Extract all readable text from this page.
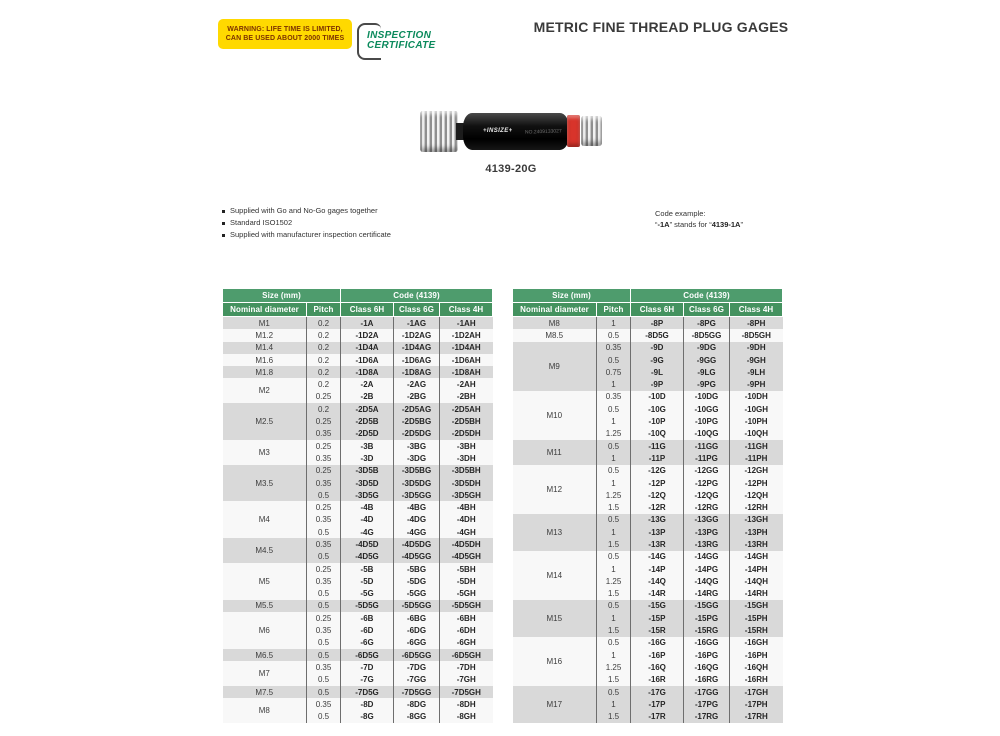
WARNING: LIFE TIME IS LIMITED,
CAN BE USED ABOUT 2000 TIMES INSPECTION
CERTIFICATE
METRIC FINE THREAD PLUG GAGES
+INSIZE+	NO.2409133027
4139-20G
Supplied with Go and No-Go gages together
Standard ISO1502
Supplied with manufacturer inspection certificate
Code example:
“-1A” stands for “4139-1A”
Size (mm)		Code (4139)		
Nominal diameter	Pitch	Class 6H	Class 6G	Class 4H
M1	0.2	-1A	-1AG	-1AH
M1.2	0.2	-1D2A	-1D2AG	-1D2AH
M1.4	0.2	-1D4A	-1D4AG	-1D4AH
M1.6	0.2	-1D6A	-1D6AG	-1D6AH
M1.8	0.2	-1D8A	-1D8AG	-1D8AH
M2	0.2	-2A	-2AG	-2AH
	0.25	-2B	-2BG	-2BH
M2.5	0.2	-2D5A	-2D5AG	-2D5AH
	0.25	-2D5B	-2D5BG	-2D5BH
	0.35	-2D5D	-2D5DG	-2D5DH
M3	0.25	-3B	-3BG	-3BH
	0.35	-3D	-3DG	-3DH
M3.5	0.25	-3D5B	-3D5BG	-3D5BH
	0.35	-3D5D	-3D5DG	-3D5DH
	0.5	-3D5G	-3D5GG	-3D5GH
M4	0.25	-4B	-4BG	-4BH
	0.35	-4D	-4DG	-4DH
	0.5	-4G	-4GG	-4GH
M4.5	0.35	-4D5D	-4D5DG	-4D5DH
	0.5	-4D5G	-4D5GG	-4D5GH
M5	0.25	-5B	-5BG	-5BH
	0.35	-5D	-5DG	-5DH
	0.5	-5G	-5GG	-5GH
M5.5	0.5	-5D5G	-5D5GG	-5D5GH
M6	0.25	-6B	-6BG	-6BH
	0.35	-6D	-6DG	-6DH
	0.5	-6G	-6GG	-6GH
M6.5	0.5	-6D5G	-6D5GG	-6D5GH
M7	0.35	-7D	-7DG	-7DH
	0.5	-7G	-7GG	-7GH
M7.5	0.5	-7D5G	-7D5GG	-7D5GH
M8	0.35	-8D	-8DG	-8DH
	0.5	-8G	-8GG	-8GH
Size (mm)		Code (4139)		
Nominal diameter	Pitch	Class 6H	Class 6G	Class 4H
M8	1	-8P	-8PG	-8PH
M8.5	0.5	-8D5G	-8D5GG	-8D5GH
M9	0.35	-9D	-9DG	-9DH
	0.5	-9G	-9GG	-9GH
	0.75	-9L	-9LG	-9LH
	1	-9P	-9PG	-9PH
M10	0.35	-10D	-10DG	-10DH
	0.5	-10G	-10GG	-10GH
	1	-10P	-10PG	-10PH
	1.25	-10Q	-10QG	-10QH
M11	0.5	-11G	-11GG	-11GH
	1	-11P	-11PG	-11PH
M12	0.5	-12G	-12GG	-12GH
	1	-12P	-12PG	-12PH
	1.25	-12Q	-12QG	-12QH
	1.5	-12R	-12RG	-12RH
M13	0.5	-13G	-13GG	-13GH
	1	-13P	-13PG	-13PH
	1.5	-13R	-13RG	-13RH
M14	0.5	-14G	-14GG	-14GH
	1	-14P	-14PG	-14PH
	1.25	-14Q	-14QG	-14QH
	1.5	-14R	-14RG	-14RH
M15	0.5	-15G	-15GG	-15GH
	1	-15P	-15PG	-15PH
	1.5	-15R	-15RG	-15RH
M16	0.5	-16G	-16GG	-16GH
	1	-16P	-16PG	-16PH
	1.25	-16Q	-16QG	-16QH
	1.5	-16R	-16RG	-16RH
M17	0.5	-17G	-17GG	-17GH
	1	-17P	-17PG	-17PH
	1.5	-17R	-17RG	-17RH
